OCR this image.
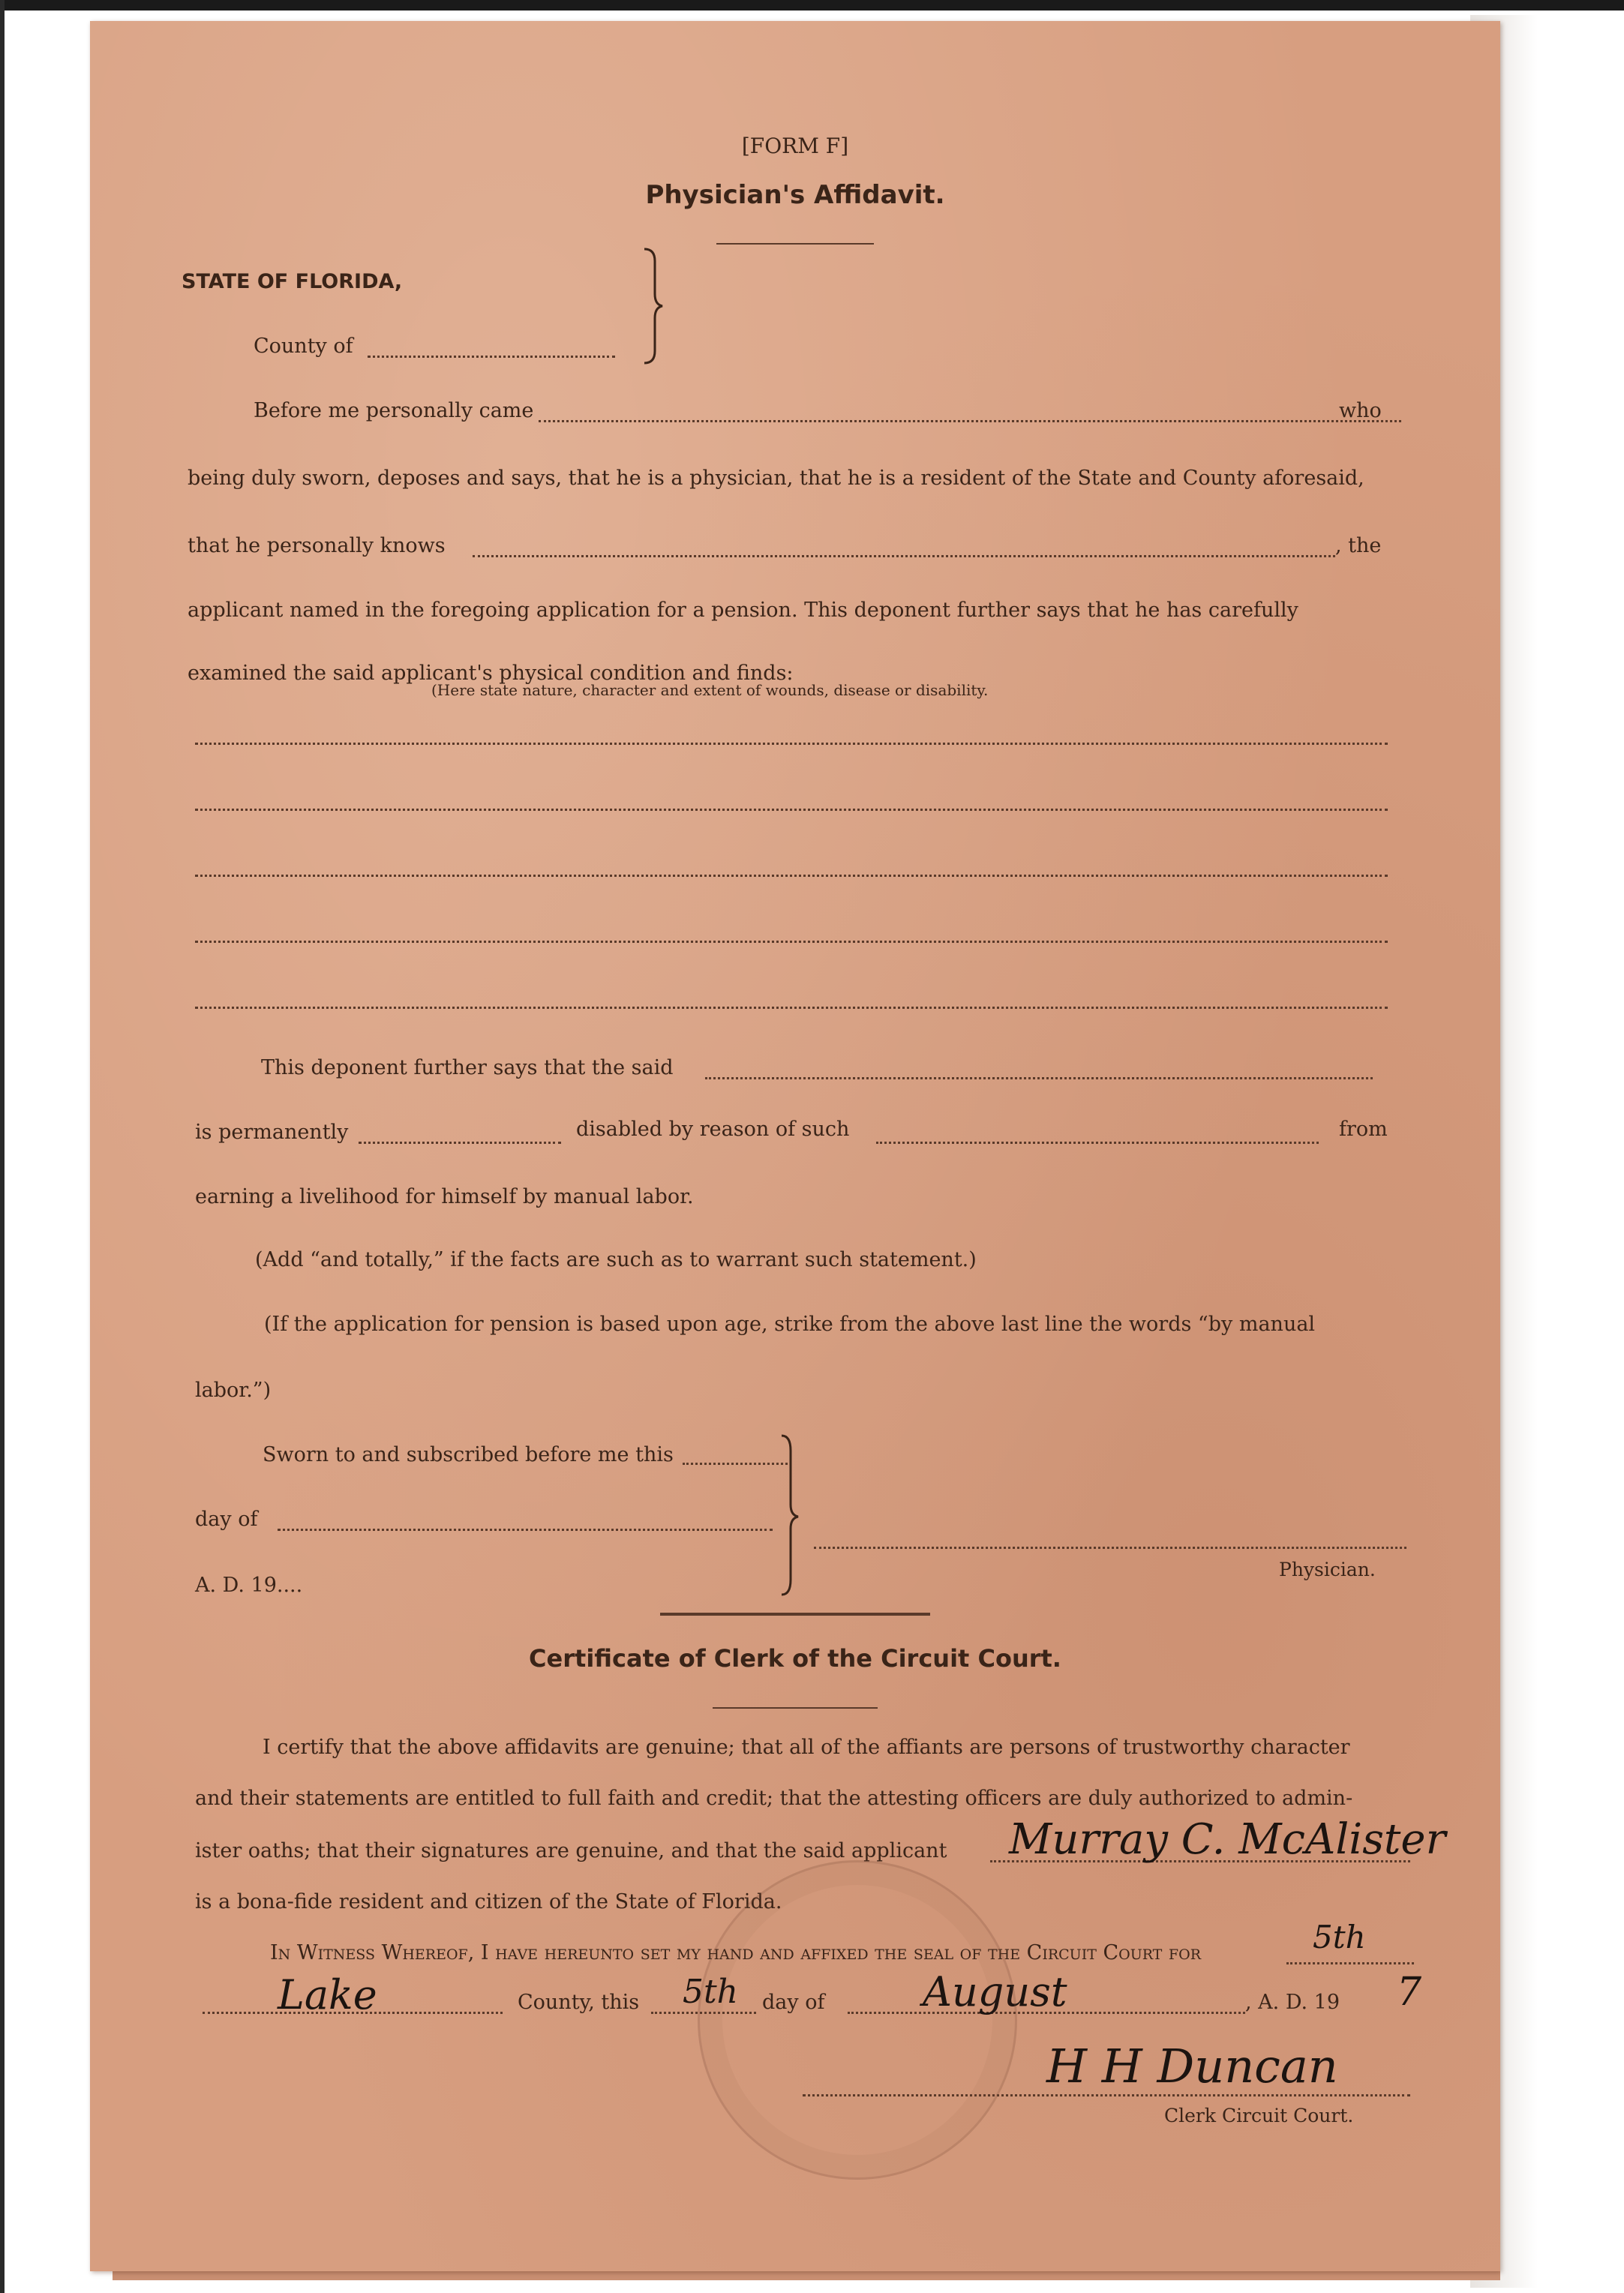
[FORM F]
Physician's Affidavit.
STATE OF FLORIDA,
County of
Before me personally came	who
being duly sworn, deposes and says, that he is a physician, that he is a resident of the State and County aforesaid,
that he personally knows	, the
applicant named in the foregoing application for a pension. This deponent further says that he has carefully
examined the said applicant's physical condition and finds:
(Here state nature, character and extent of wounds, disease or disability.
This deponent further says that the said
is permanently	disabled by reason of such	from
earning a livelihood for himself by manual labor.
(Add “and totally,” if the facts are such as to warrant such statement.)
(If the application for pension is based upon age, strike from the above last line the words “by manual
labor.”)
Sworn to and subscribed before me this
day of
A. D. 19....
Physician.
Certificate of Clerk of the Circuit Court.
I certify that the above affidavits are genuine; that all of the affiants are persons of trustworthy character
and their statements are entitled to full faith and credit; that the attesting officers are duly authorized to admin-
ister oaths; that their signatures are genuine, and that the said applicant Murray C. McAlister
is a bona-fide resident and citizen of the State of Florida.
In Witness Whereof, I have hereunto set my hand and affixed the seal of the Circuit Court for	5th
Lake	County, this 5th day of August	, A. D. 19 7
H H Duncan
Clerk Circuit Court.
